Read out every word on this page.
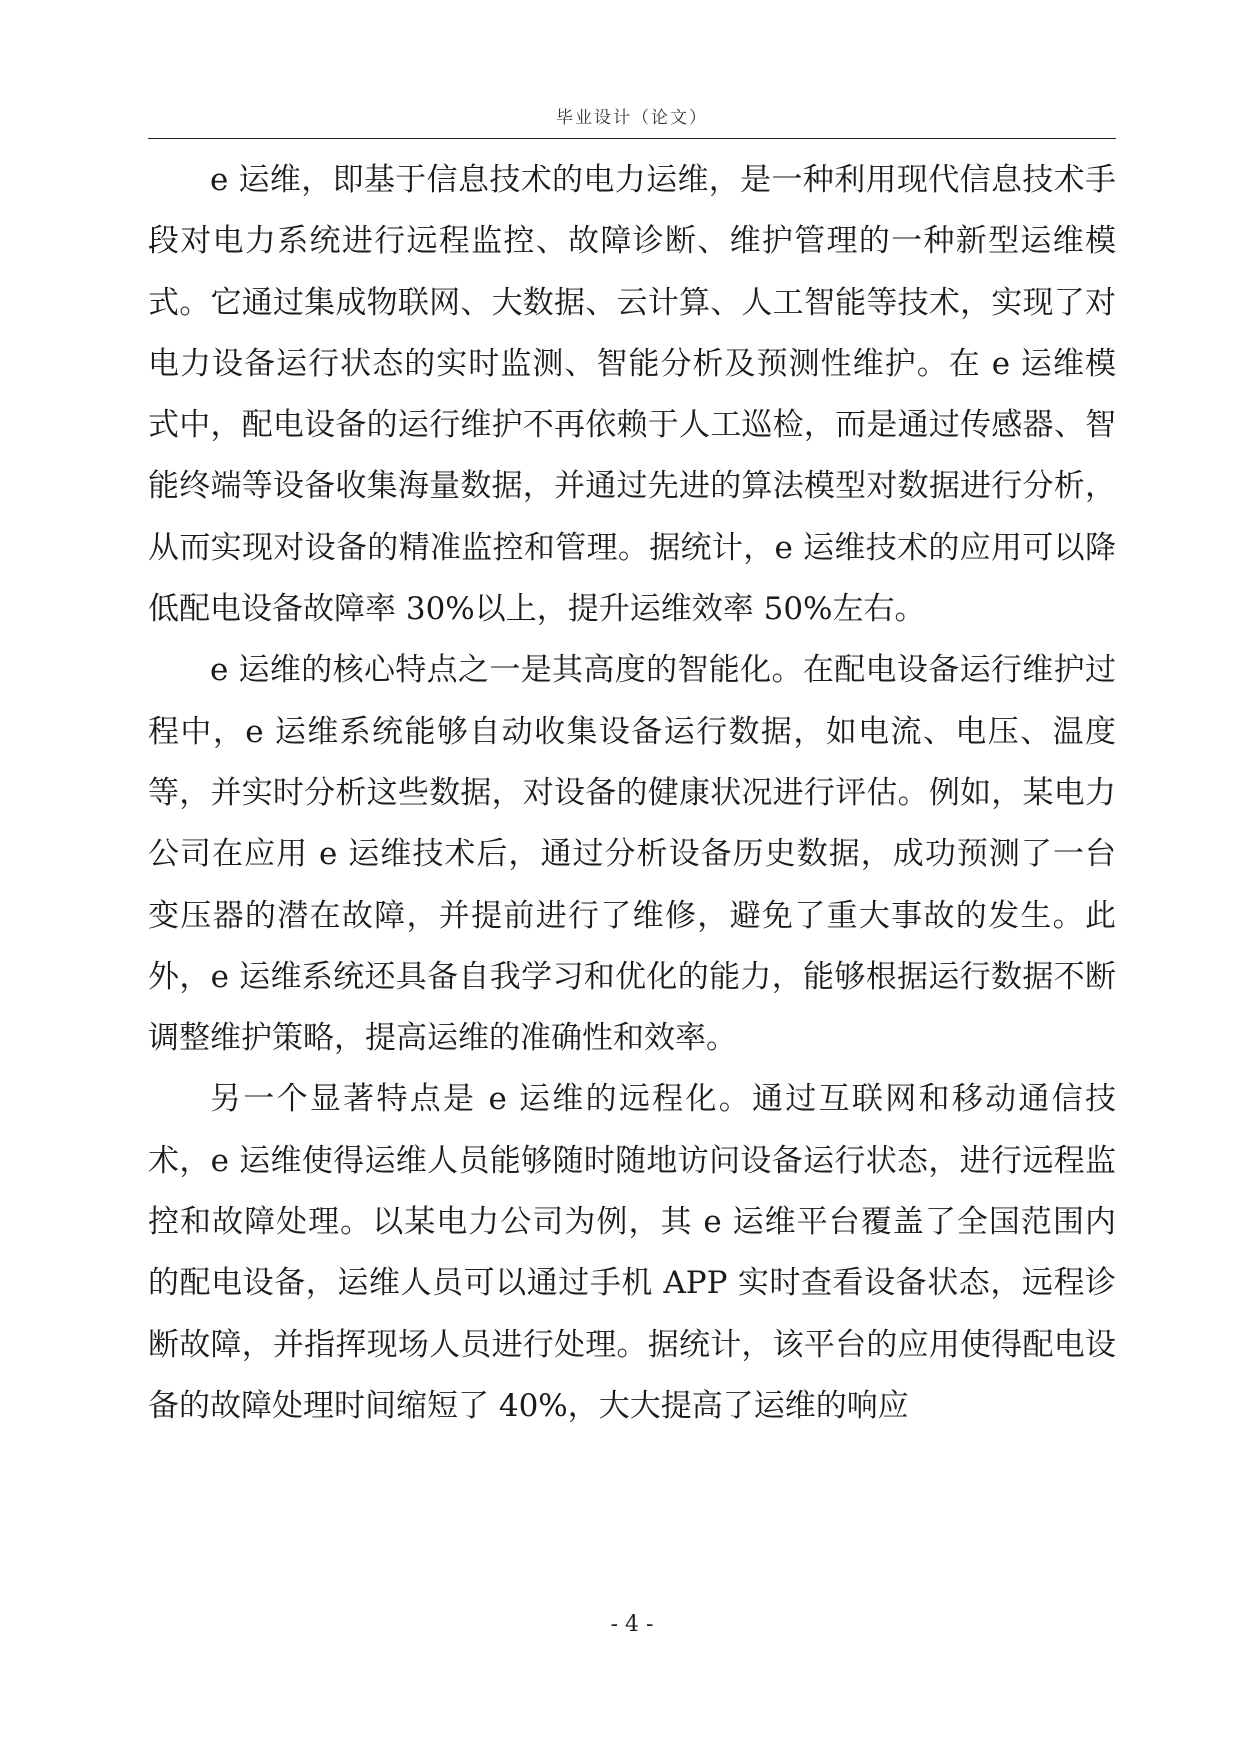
毕业设计（论文）

e 运维，即基于信息技术的电力运维，是一种利用现代信息技术手段对电力系统进行远程监控、故障诊断、维护管理的一种新型运维模式。它通过集成物联网、大数据、云计算、人工智能等技术，实现了对电力设备运行状态的实时监测、智能分析及预测性维护。在 e 运维模式中，配电设备的运行维护不再依赖于人工巡检，而是通过传感器、智能终端等设备收集海量数据，并通过先进的算法模型对数据进行分析，从而实现对设备的精准监控和管理。据统计，e 运维技术的应用可以降低配电设备故障率 30%以上，提升运维效率 50%左右。

e 运维的核心特点之一是其高度的智能化。在配电设备运行维护过程中，e 运维系统能够自动收集设备运行数据，如电流、电压、温度等，并实时分析这些数据，对设备的健康状况进行评估。例如，某电力公司在应用 e 运维技术后，通过分析设备历史数据，成功预测了一台变压器的潜在故障，并提前进行了维修，避免了重大事故的发生。此外，e 运维系统还具备自我学习和优化的能力，能够根据运行数据不断调整维护策略，提高运维的准确性和效率。

另一个显著特点是 e 运维的远程化。通过互联网和移动通信技术，e 运维使得运维人员能够随时随地访问设备运行状态，进行远程监控和故障处理。以某电力公司为例，其 e 运维平台覆盖了全国范围内的配电设备，运维人员可以通过手机 APP 实时查看设备状态，远程诊断故障，并指挥现场人员进行处理。据统计，该平台的应用使得配电设备的故障处理时间缩短了 40%，大大提高了运维的响应

- 4 -
